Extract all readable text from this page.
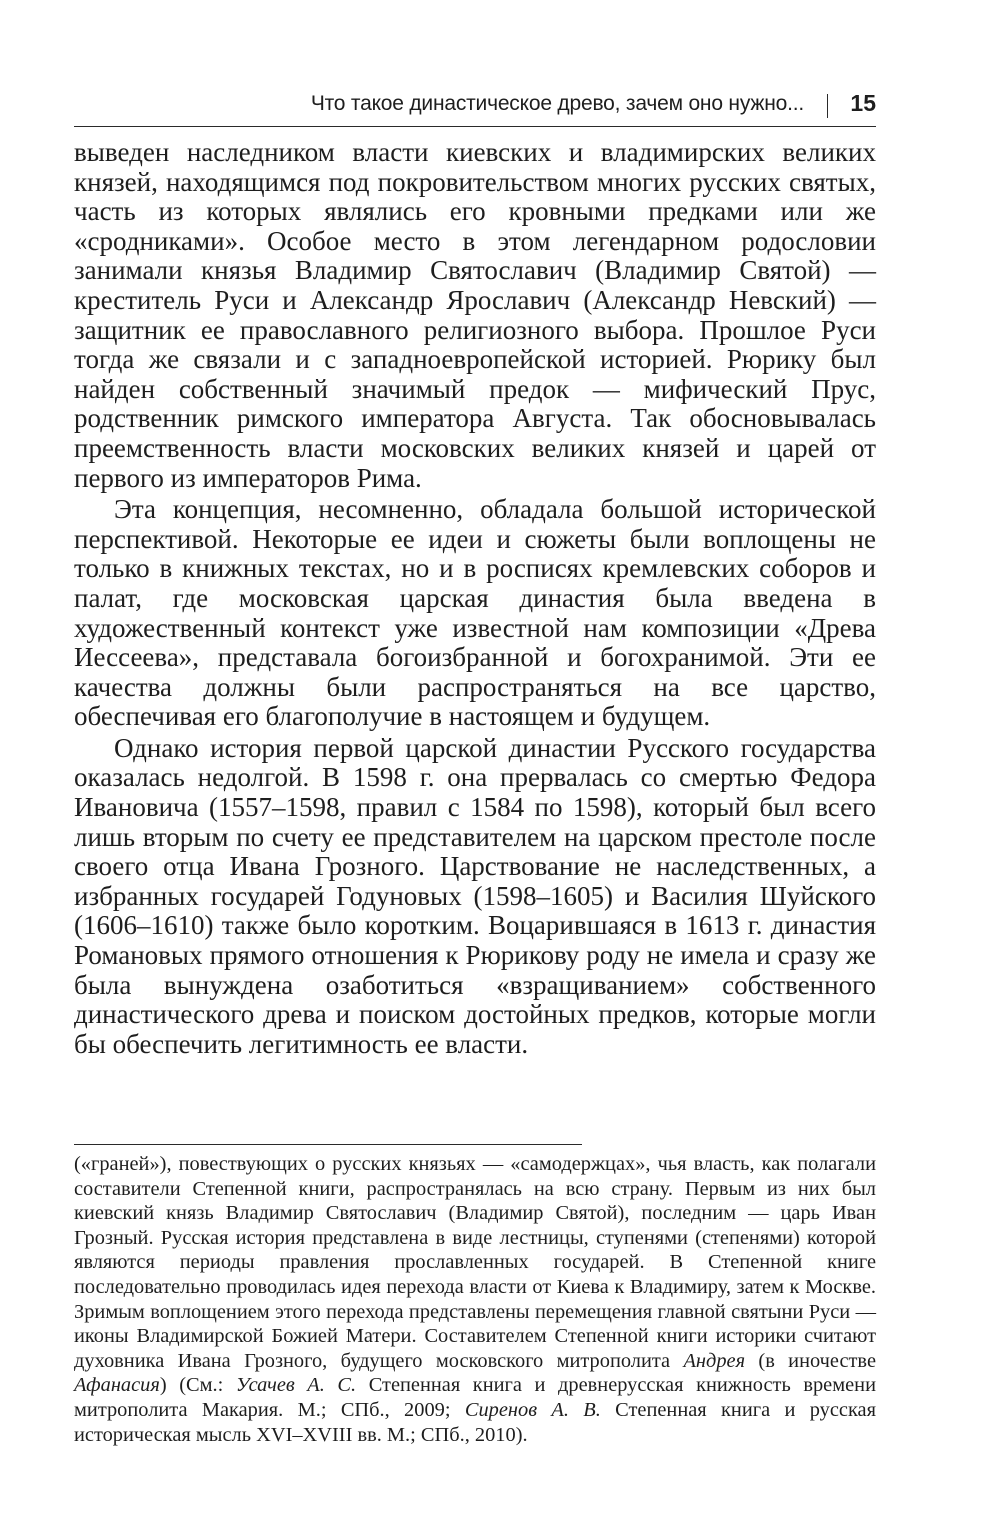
Что такое династическое древо, зачем оно нужно... 15

выведен наследником власти киевских и владимирских великих князей, находящимся под покровительством многих русских святых, часть из которых являлись его кровными предками или же «сродниками». Особое место в этом легендарном родословии занимали князья Владимир Святославич (Владимир Святой) — креститель Руси и Александр Ярославич (Александр Невский) — защитник ее православного религиозного выбора. Прошлое Руси тогда же связали и с западноевропейской историей. Рюрику был найден собственный значимый предок — мифический Прус, родственник римского императора Августа. Так обосновывалась преемственность власти московских великих князей и царей от первого из императоров Рима.

Эта концепция, несомненно, обладала большой исторической перспективой. Некоторые ее идеи и сюжеты были воплощены не только в книжных текстах, но и в росписях кремлевских соборов и палат, где московская царская династия была введена в художественный контекст уже известной нам композиции «Древа Иессеева», представала богоизбранной и богохранимой. Эти ее качества должны были распространяться на все царство, обеспечивая его благополучие в настоящем и будущем.

Однако история первой царской династии Русского государства оказалась недолгой. В 1598 г. она прервалась со смертью Федора Ивановича (1557–1598, правил с 1584 по 1598), который был всего лишь вторым по счету ее представителем на царском престоле после своего отца Ивана Грозного. Царствование не наследственных, а избранных государей Годуновых (1598–1605) и Василия Шуйского (1606–1610) также было коротким. Воцарившаяся в 1613 г. династия Романовых прямого отношения к Рюрикову роду не имела и сразу же была вынуждена озаботиться «взращиванием» собственного династического древа и поиском достойных предков, которые могли бы обеспечить легитимность ее власти.

(«граней»), повествующих о русских князьях — «самодержцах», чья власть, как полагали составители Степенной книги, распространялась на всю страну. Первым из них был киевский князь Владимир Святославич (Владимир Святой), последним — царь Иван Грозный. Русская история представлена в виде лестницы, ступенями (степенями) которой являются периоды правления прославленных государей. В Степенной книге последовательно проводилась идея перехода власти от Киева к Владимиру, затем к Москве. Зримым воплощением этого перехода представлены перемещения главной святыни Руси — иконы Владимирской Божией Матери. Составителем Степенной книги историки считают духовника Ивана Грозного, будущего московского митрополита Андрея (в иночестве Афанасия) (См.: Усачев А. С. Степенная книга и древнерусская книжность времени митрополита Макария. М.; СПб., 2009; Сиренов А. В. Степенная книга и русская историческая мысль XVI–XVIII вв. М.; СПб., 2010).
